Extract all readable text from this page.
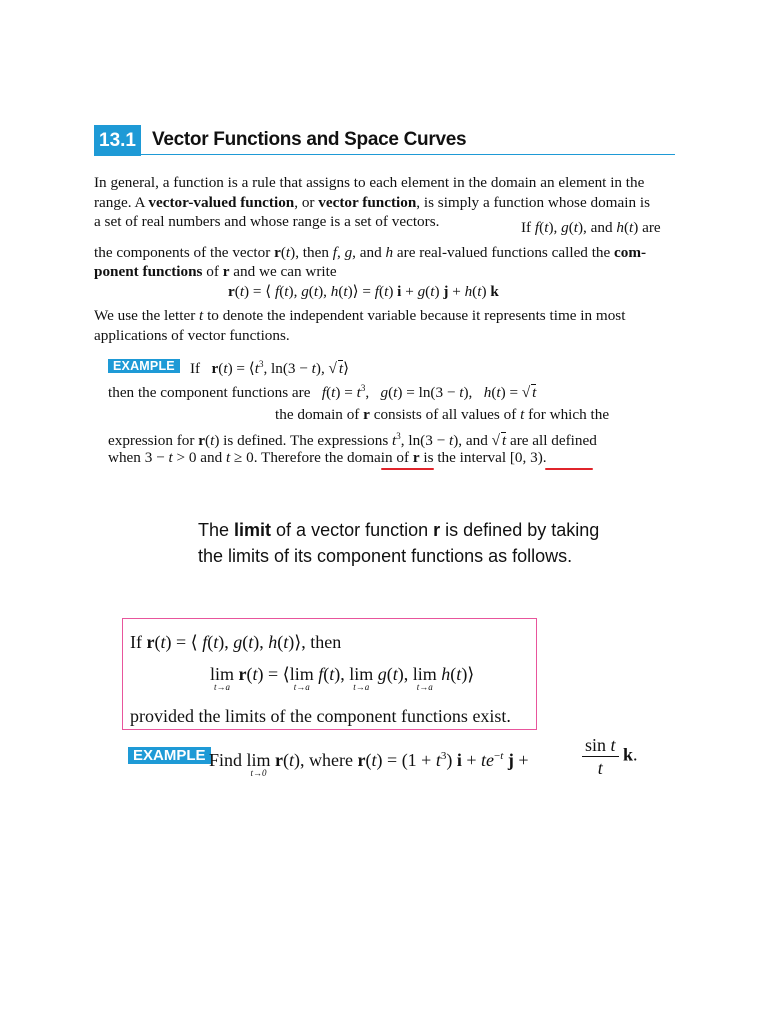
13.1 Vector Functions and Space Curves
In general, a function is a rule that assigns to each element in the domain an element in the
range. A vector-valued function, or vector function, is simply a function whose domain is
a set of real numbers and whose range is a set of vectors.	If f(t), g(t), and h(t) are
the components of the vector r(t), then f, g, and h are real-valued functions called the com-
ponent functions of r and we can write
r(t) = ⟨ f(t), g(t), h(t)⟩ = f(t) i + g(t) j + h(t) k
We use the letter t to denote the independent variable because it represents time in most
applications of vector functions.
EXAMPLE If   $r(t) = ⟨t^3$, ln(3 − t), √ t⟩
then the component functions are   $f(t) = t^3$,   g(t) = ln(3 − t),   h(t) = √ t
the domain of r consists of all values of t for which the
expression for r(t) is defined. The expressions $t^3$, ln(3 − t), and √ t are all defined
when 3 − t > 0 and t ≥ 0. Therefore the domain of r is the interval [0, 3).
The limit of a vector function r is defined by taking
the limits of its component functions as follows.
If r(t) = ⟨ f(t), g(t), h(t)⟩, then
lim
t→a
r(t) = ⟨lim
t→a
f(t), lim
t→a
g(t), lim
t→a
h(t)⟩
provided the limits of the component functions exist.
EXAMPLE Find lim
t→0
r(t), where $r(t) = (1 + t^3)$ $i + te^{-t}$ j +	$\frac{\text{sin t}}{t} k$.
